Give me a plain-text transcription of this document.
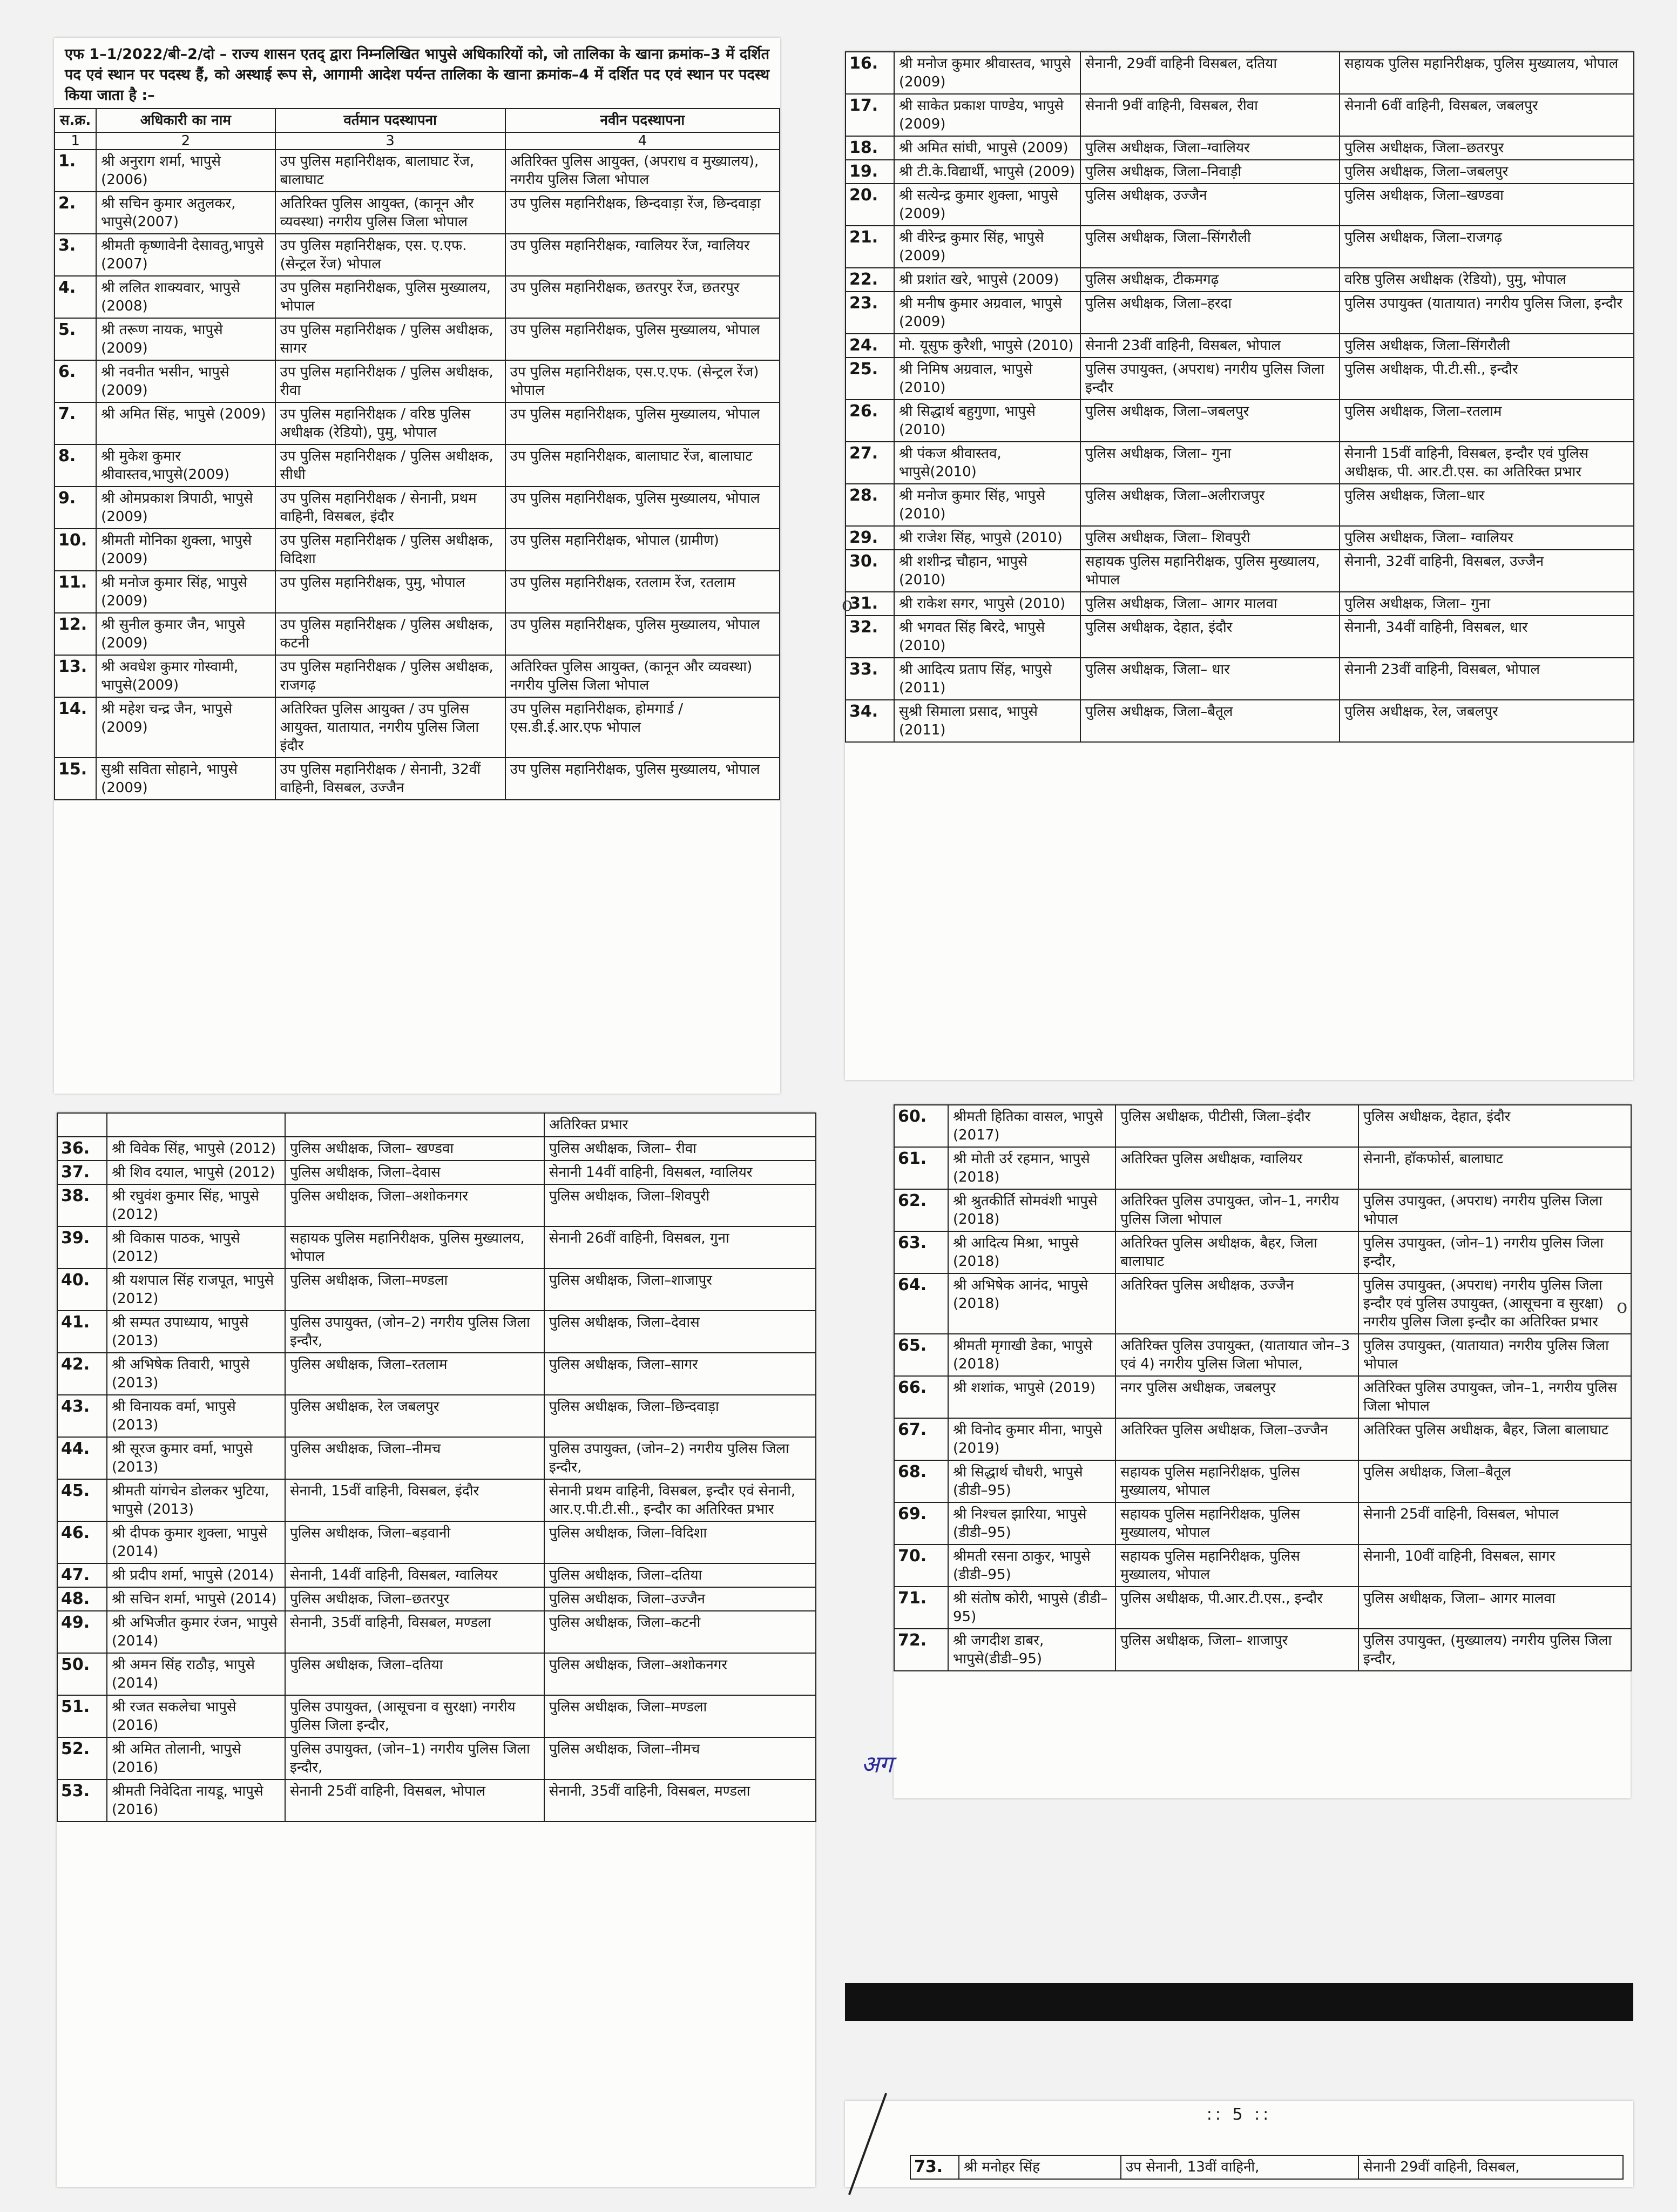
एफ 1–1/2022/बी–2/दो – राज्य शासन एतद् द्वारा निम्नलिखित भापुसे अधिकारियों को, जो तालिका के खाना क्रमांक–3 में दर्शित पद एवं स्थान पर पदस्थ हैं, को अस्थाई रूप से, आगामी आदेश पर्यन्त तालिका के खाना क्रमांक–4 में दर्शित पद एवं स्थान पर पदस्थ किया जाता है :–
स.क्र.	अधिकारी का नाम	वर्तमान पदस्थापना	नवीन पदस्थापना
1	2	3	4
1.	श्री अनुराग शर्मा, भापुसे (2006)	उप पुलिस महानिरीक्षक, बालाघाट रेंज, बालाघाट	अतिरिक्त पुलिस आयुक्त, (अपराध व मुख्यालय), नगरीय पुलिस जिला भोपाल
2.	श्री सचिन कुमार अतुलकर, भापुसे(2007)	अतिरिक्त पुलिस आयुक्त, (कानून और व्यवस्था) नगरीय पुलिस जिला भोपाल	उप पुलिस महानिरीक्षक, छिन्दवाड़ा रेंज, छिन्दवाड़ा
3.	श्रीमती कृष्णावेनी देसावतु,भापुसे (2007)	उप पुलिस महानिरीक्षक, एस. ए.एफ. (सेन्ट्रल रेंज) भोपाल	उप पुलिस महानिरीक्षक, ग्वालियर रेंज, ग्वालियर
4.	श्री ललित शाक्यवार, भापुसे (2008)	उप पुलिस महानिरीक्षक, पुलिस मुख्यालय, भोपाल	उप पुलिस महानिरीक्षक, छतरपुर रेंज, छतरपुर
5.	श्री तरूण नायक, भापुसे (2009)	उप पुलिस महानिरीक्षक / पुलिस अधीक्षक, सागर	उप पुलिस महानिरीक्षक, पुलिस मुख्यालय, भोपाल
6.	श्री नवनीत भसीन, भापुसे (2009)	उप पुलिस महानिरीक्षक / पुलिस अधीक्षक, रीवा	उप पुलिस महानिरीक्षक, एस.ए.एफ. (सेन्ट्रल रेंज) भोपाल
7.	श्री अमित सिंह, भापुसे (2009)	उप पुलिस महानिरीक्षक / वरिष्ठ पुलिस अधीक्षक (रेडियो), पुमु, भोपाल	उप पुलिस महानिरीक्षक, पुलिस मुख्यालय, भोपाल
8.	श्री मुकेश कुमार श्रीवास्तव,भापुसे(2009)	उप पुलिस महानिरीक्षक / पुलिस अधीक्षक, सीधी	उप पुलिस महानिरीक्षक, बालाघाट रेंज, बालाघाट
9.	श्री ओमप्रकाश त्रिपाठी, भापुसे (2009)	उप पुलिस महानिरीक्षक / सेनानी, प्रथम वाहिनी, विसबल, इंदौर	उप पुलिस महानिरीक्षक, पुलिस मुख्यालय, भोपाल
10.	श्रीमती मोनिका शुक्ला, भापुसे (2009)	उप पुलिस महानिरीक्षक / पुलिस अधीक्षक, विदिशा	उप पुलिस महानिरीक्षक, भोपाल (ग्रामीण)
11.	श्री मनोज कुमार सिंह, भापुसे (2009)	उप पुलिस महानिरीक्षक, पुमु, भोपाल	उप पुलिस महानिरीक्षक, रतलाम रेंज, रतलाम
12.	श्री सुनील कुमार जैन, भापुसे (2009)	उप पुलिस महानिरीक्षक / पुलिस अधीक्षक, कटनी	उप पुलिस महानिरीक्षक, पुलिस मुख्यालय, भोपाल
13.	श्री अवधेश कुमार गोस्वामी, भापुसे(2009)	उप पुलिस महानिरीक्षक / पुलिस अधीक्षक, राजगढ़	अतिरिक्त पुलिस आयुक्त, (कानून और व्यवस्था) नगरीय पुलिस जिला भोपाल
14.	श्री महेश चन्द्र जैन, भापुसे (2009)	अतिरिक्त पुलिस आयुक्त / उप पुलिस आयुक्त, यातायात, नगरीय पुलिस जिला इंदौर	उप पुलिस महानिरीक्षक, होमगार्ड / एस.डी.ई.आर.एफ भोपाल
15.	सुश्री सविता सोहाने, भापुसे (2009)	उप पुलिस महानिरीक्षक / सेनानी, 32वीं वाहिनी, विसबल, उज्जैन	उप पुलिस महानिरीक्षक, पुलिस मुख्यालय, भोपाल
16.	श्री मनोज कुमार श्रीवास्तव, भापुसे (2009)	सेनानी, 29वीं वाहिनी विसबल, दतिया	सहायक पुलिस महानिरीक्षक, पुलिस मुख्यालय, भोपाल
17.	श्री साकेत प्रकाश पाण्डेय, भापुसे (2009)	सेनानी 9वीं वाहिनी, विसबल, रीवा	सेनानी 6वीं वाहिनी, विसबल, जबलपुर
18.	श्री अमित सांघी, भापुसे (2009)	पुलिस अधीक्षक, जिला–ग्वालियर	पुलिस अधीक्षक, जिला–छतरपुर
19.	श्री टी.के.विद्यार्थी, भापुसे (2009)	पुलिस अधीक्षक, जिला–निवाड़ी	पुलिस अधीक्षक, जिला–जबलपुर
20.	श्री सत्येन्द्र कुमार शुक्ला, भापुसे (2009)	पुलिस अधीक्षक, उज्जैन	पुलिस अधीक्षक, जिला–खण्डवा
21.	श्री वीरेन्द्र कुमार सिंह, भापुसे (2009)	पुलिस अधीक्षक, जिला–सिंगरौली	पुलिस अधीक्षक, जिला–राजगढ़
22.	श्री प्रशांत खरे, भापुसे (2009)	पुलिस अधीक्षक, टीकमगढ़	वरिष्ठ पुलिस अधीक्षक (रेडियो), पुमु, भोपाल
23.	श्री मनीष कुमार अग्रवाल, भापुसे (2009)	पुलिस अधीक्षक, जिला–हरदा	पुलिस उपायुक्त (यातायात) नगरीय पुलिस जिला, इन्दौर
24.	मो. यूसुफ कुरैशी, भापुसे (2010)	सेनानी 23वीं वाहिनी, विसबल, भोपाल	पुलिस अधीक्षक, जिला–सिंगरौली
25.	श्री निमिष अग्रवाल, भापुसे (2010)	पुलिस उपायुक्त, (अपराध) नगरीय पुलिस जिला इन्दौर	पुलिस अधीक्षक, पी.टी.सी., इन्दौर
26.	श्री सिद्धार्थ बहुगुणा, भापुसे (2010)	पुलिस अधीक्षक, जिला–जबलपुर	पुलिस अधीक्षक, जिला–रतलाम
27.	श्री पंकज श्रीवास्तव, भापुसे(2010)	पुलिस अधीक्षक, जिला– गुना	सेनानी 15वीं वाहिनी, विसबल, इन्दौर एवं पुलिस अधीक्षक, पी. आर.टी.एस. का अतिरिक्त प्रभार
28.	श्री मनोज कुमार सिंह, भापुसे (2010)	पुलिस अधीक्षक, जिला–अलीराजपुर	पुलिस अधीक्षक, जिला–धार
29.	श्री राजेश सिंह, भापुसे (2010)	पुलिस अधीक्षक, जिला– शिवपुरी	पुलिस अधीक्षक, जिला– ग्वालियर
30.	श्री शशीन्द्र चौहान, भापुसे (2010)	सहायक पुलिस महानिरीक्षक, पुलिस मुख्यालय, भोपाल	सेनानी, 32वीं वाहिनी, विसबल, उज्जैन
31.	श्री राकेश सगर, भापुसे (2010)	पुलिस अधीक्षक, जिला– आगर मालवा	पुलिस अधीक्षक, जिला– गुना
32.	श्री भगवत सिंह बिरदे, भापुसे (2010)	पुलिस अधीक्षक, देहात, इंदौर	सेनानी, 34वीं वाहिनी, विसबल, धार
33.	श्री आदित्य प्रताप सिंह, भापुसे (2011)	पुलिस अधीक्षक, जिला– धार	सेनानी 23वीं वाहिनी, विसबल, भोपाल
34.	सुश्री सिमाला प्रसाद, भापुसे (2011)	पुलिस अधीक्षक, जिला–बैतूल	पुलिस अधीक्षक, रेल, जबलपुर
᧐
			अतिरिक्त प्रभार
36.	श्री विवेक सिंह, भापुसे (2012)	पुलिस अधीक्षक, जिला– खण्डवा	पुलिस अधीक्षक, जिला– रीवा
37.	श्री शिव दयाल, भापुसे (2012)	पुलिस अधीक्षक, जिला–देवास	सेनानी 14वीं वाहिनी, विसबल, ग्वालियर
38.	श्री रघुवंश कुमार सिंह, भापुसे (2012)	पुलिस अधीक्षक, जिला–अशोकनगर	पुलिस अधीक्षक, जिला–शिवपुरी
39.	श्री विकास पाठक, भापुसे (2012)	सहायक पुलिस महानिरीक्षक, पुलिस मुख्यालय, भोपाल	सेनानी 26वीं वाहिनी, विसबल, गुना
40.	श्री यशपाल सिंह राजपूत, भापुसे (2012)	पुलिस अधीक्षक, जिला–मण्डला	पुलिस अधीक्षक, जिला–शाजापुर
41.	श्री सम्पत उपाध्याय, भापुसे (2013)	पुलिस उपायुक्त, (जोन–2) नगरीय पुलिस जिला इन्दौर,	पुलिस अधीक्षक, जिला–देवास
42.	श्री अभिषेक तिवारी, भापुसे (2013)	पुलिस अधीक्षक, जिला–रतलाम	पुलिस अधीक्षक, जिला–सागर
43.	श्री विनायक वर्मा, भापुसे (2013)	पुलिस अधीक्षक, रेल जबलपुर	पुलिस अधीक्षक, जिला–छिन्दवाड़ा
44.	श्री सूरज कुमार वर्मा, भापुसे (2013)	पुलिस अधीक्षक, जिला–नीमच	पुलिस उपायुक्त, (जोन–2) नगरीय पुलिस जिला इन्दौर,
45.	श्रीमती यांगचेन डोलकर भुटिया, भापुसे (2013)	सेनानी, 15वीं वाहिनी, विसबल, इंदौर	सेनानी प्रथम वाहिनी, विसबल, इन्दौर एवं सेनानी, आर.ए.पी.टी.सी., इन्दौर का अतिरिक्त प्रभार
46.	श्री दीपक कुमार शुक्ला, भापुसे (2014)	पुलिस अधीक्षक, जिला–बड़वानी	पुलिस अधीक्षक, जिला–विदिशा
47.	श्री प्रदीप शर्मा, भापुसे (2014)	सेनानी, 14वीं वाहिनी, विसबल, ग्वालियर	पुलिस अधीक्षक, जिला–दतिया
48.	श्री सचिन शर्मा, भापुसे (2014)	पुलिस अधीक्षक, जिला–छतरपुर	पुलिस अधीक्षक, जिला–उज्जैन
49.	श्री अभिजीत कुमार रंजन, भापुसे (2014)	सेनानी, 35वीं वाहिनी, विसबल, मण्डला	पुलिस अधीक्षक, जिला–कटनी
50.	श्री अमन सिंह राठौड़, भापुसे (2014)	पुलिस अधीक्षक, जिला–दतिया	पुलिस अधीक्षक, जिला–अशोकनगर
51.	श्री रजत सकलेचा भापुसे (2016)	पुलिस उपायुक्त, (आसूचना व सुरक्षा) नगरीय पुलिस जिला इन्दौर,	पुलिस अधीक्षक, जिला–मण्डला
52.	श्री अमित तोलानी, भापुसे (2016)	पुलिस उपायुक्त, (जोन–1) नगरीय पुलिस जिला इन्दौर,	पुलिस अधीक्षक, जिला–नीमच
53.	श्रीमती निवेदिता नायडू, भापुसे (2016)	सेनानी 25वीं वाहिनी, विसबल, भोपाल	सेनानी, 35वीं वाहिनी, विसबल, मण्डला
60.	श्रीमती हितिका वासल, भापुसे (2017)	पुलिस अधीक्षक, पीटीसी, जिला–इंदौर	पुलिस अधीक्षक, देहात, इंदौर
61.	श्री मोती उर्र रहमान, भापुसे (2018)	अतिरिक्त पुलिस अधीक्षक, ग्वालियर	सेनानी, हॉकफोर्स, बालाघाट
62.	श्री श्रुतकीर्ति सोमवंशी भापुसे (2018)	अतिरिक्त पुलिस उपायुक्त, जोन–1, नगरीय पुलिस जिला भोपाल	पुलिस उपायुक्त, (अपराध) नगरीय पुलिस जिला भोपाल
63.	श्री आदित्य मिश्रा, भापुसे (2018)	अतिरिक्त पुलिस अधीक्षक, बैहर, जिला बालाघाट	पुलिस उपायुक्त, (जोन–1) नगरीय पुलिस जिला इन्दौर,
64.	श्री अभिषेक आनंद, भापुसे (2018)	अतिरिक्त पुलिस अधीक्षक, उज्जैन	पुलिस उपायुक्त, (अपराध) नगरीय पुलिस जिला इन्दौर एवं पुलिस उपायुक्त, (आसूचना व सुरक्षा) नगरीय पुलिस जिला इन्दौर का अतिरिक्त प्रभार
65.	श्रीमती मृगाखी डेका, भापुसे (2018)	अतिरिक्त पुलिस उपायुक्त, (यातायात जोन–3 एवं 4) नगरीय पुलिस जिला भोपाल,	पुलिस उपायुक्त, (यातायात) नगरीय पुलिस जिला भोपाल
66.	श्री शशांक, भापुसे (2019)	नगर पुलिस अधीक्षक, जबलपुर	अतिरिक्त पुलिस उपायुक्त, जोन–1, नगरीय पुलिस जिला भोपाल
67.	श्री विनोद कुमार मीना, भापुसे (2019)	अतिरिक्त पुलिस अधीक्षक, जिला–उज्जैन	अतिरिक्त पुलिस अधीक्षक, बैहर, जिला बालाघाट
68.	श्री सिद्धार्थ चौधरी, भापुसे (डीडी–95)	सहायक पुलिस महानिरीक्षक, पुलिस मुख्यालय, भोपाल	पुलिस अधीक्षक, जिला–बैतूल
69.	श्री निश्चल झारिया, भापुसे (डीडी–95)	सहायक पुलिस महानिरीक्षक, पुलिस मुख्यालय, भोपाल	सेनानी 25वीं वाहिनी, विसबल, भोपाल
70.	श्रीमती रसना ठाकुर, भापुसे (डीडी–95)	सहायक पुलिस महानिरीक्षक, पुलिस मुख्यालय, भोपाल	सेनानी, 10वीं वाहिनी, विसबल, सागर
71.	श्री संतोष कोरी, भापुसे (डीडी–95)	पुलिस अधीक्षक, पी.आर.टी.एस., इन्दौर	पुलिस अधीक्षक, जिला– आगर मालवा
72.	श्री जगदीश डाबर, भापुसे(डीडी–95)	पुलिस अधीक्षक, जिला– शाजापुर	पुलिस उपायुक्त, (मुख्यालय) नगरीय पुलिस जिला इन्दौर,
᧐
अग
:: 5 ::
73.	श्री मनोहर सिंह	उप सेनानी, 13वीं वाहिनी,	सेनानी 29वीं वाहिनी, विसबल,
